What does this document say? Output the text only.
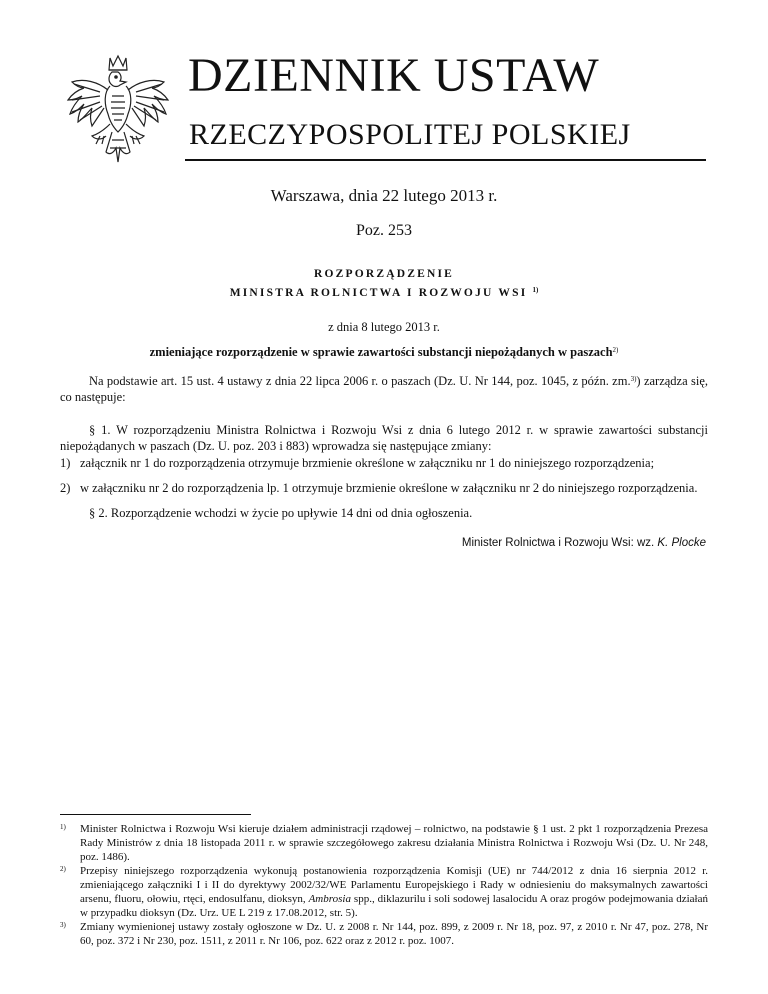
DZIENNIK USTAW
RZECZYPOSPOLITEJ POLSKIEJ
Warszawa, dnia 22 lutego 2013 r.
Poz. 253
ROZPORZĄDZENIE
MINISTRA ROLNICTWA I ROZWOJU WSI $^{1)}$
z dnia 8 lutego 2013 r.
zmieniające rozporządzenie w sprawie zawartości substancji niepożądanych w paszach$^{2)}$

Na podstawie art. 15 ust. 4 ustawy z dnia 22 lipca 2006 r. o paszach (Dz. U. Nr 144, poz. 1045, z późn. zm.$^{3)}$) zarządza się, co następuje:

§ 1. W rozporządzeniu Ministra Rolnictwa i Rozwoju Wsi z dnia 6 lutego 2012 r. w sprawie zawartości substancji niepożądanych w paszach (Dz. U. poz. 203 i 883) wprowadza się następujące zmiany:

1) załącznik nr 1 do rozporządzenia otrzymuje brzmienie określone w załączniku nr 1 do niniejszego rozporządzenia;
2) w załączniku nr 2 do rozporządzenia lp. 1 otrzymuje brzmienie określone w załączniku nr 2 do niniejszego rozporządzenia.

§ 2. Rozporządzenie wchodzi w życie po upływie 14 dni od dnia ogłoszenia.

Minister Rolnictwa i Rozwoju Wsi: wz. K. Plocke
1) Minister Rolnictwa i Rozwoju Wsi kieruje działem administracji rządowej – rolnictwo, na podstawie § 1 ust. 2 pkt 1 rozporządzenia Prezesa Rady Ministrów z dnia 18 listopada 2011 r. w sprawie szczegółowego zakresu działania Ministra Rolnictwa i Rozwoju Wsi (Dz. U. Nr 248, poz. 1486).
2) Przepisy niniejszego rozporządzenia wykonują postanowienia rozporządzenia Komisji (UE) nr 744/2012 z dnia 16 sierpnia 2012 r. zmieniającego załączniki I i II do dyrektywy 2002/32/WE Parlamentu Europejskiego i Rady w odniesieniu do maksymalnych zawartości arsenu, fluoru, ołowiu, rtęci, endosulfanu, dioksyn, Ambrosia spp., diklazurilu i soli sodowej lasalocidu A oraz progów podejmowania działań w przypadku dioksyn (Dz. Urz. UE L 219 z 17.08.2012, str. 5).
3) Zmiany wymienionej ustawy zostały ogłoszone w Dz. U. z 2008 r. Nr 144, poz. 899, z 2009 r. Nr 18, poz. 97, z 2010 r. Nr 47, poz. 278, Nr 60, poz. 372 i Nr 230, poz. 1511, z 2011 r. Nr 106, poz. 622 oraz z 2012 r. poz. 1007.
